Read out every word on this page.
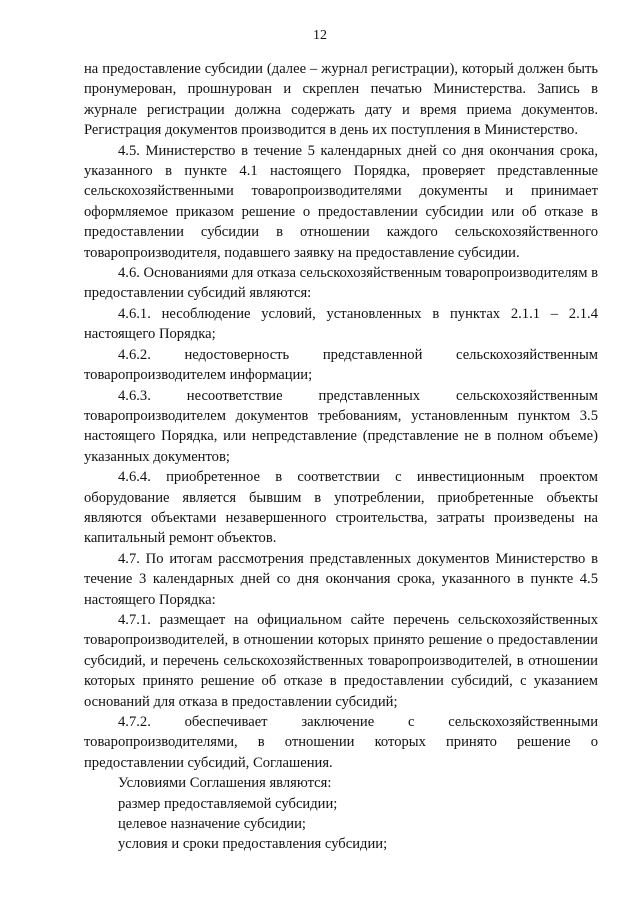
12

на предоставление субсидии (далее – журнал регистрации), который должен быть пронумерован, прошнурован и скреплен печатью Министерства. Запись в журнале регистрации должна содержать дату и время приема документов. Регистрация документов производится в день их поступления в Министерство.

4.5. Министерство в течение 5 календарных дней со дня окончания срока, указанного в пункте 4.1 настоящего Порядка, проверяет представленные сельскохозяйственными товаропроизводителями документы и принимает оформляемое приказом решение о предоставлении субсидии или об отказе в предоставлении субсидии в отношении каждого сельскохозяйственного товаропроизводителя, подавшего заявку на предоставление субсидии.

4.6. Основаниями для отказа сельскохозяйственным товаропроизводителям в предоставлении субсидий являются:

4.6.1. несоблюдение условий, установленных в пунктах 2.1.1 – 2.1.4 настоящего Порядка;

4.6.2. недостоверность представленной сельскохозяйственным товаропроизводителем информации;

4.6.3. несоответствие представленных сельскохозяйственным товаропроизводителем документов требованиям, установленным пунктом 3.5 настоящего Порядка, или непредставление (представление не в полном объеме) указанных документов;

4.6.4. приобретенное в соответствии с инвестиционным проектом оборудование является бывшим в употреблении, приобретенные объекты являются объектами незавершенного строительства, затраты произведены на капитальный ремонт объектов.

4.7. По итогам рассмотрения представленных документов Министерство в течение 3 календарных дней со дня окончания срока, указанного в пункте 4.5 настоящего Порядка:

4.7.1. размещает на официальном сайте перечень сельскохозяйственных товаропроизводителей, в отношении которых принято решение о предоставлении субсидий, и перечень сельскохозяйственных товаропроизводителей, в отношении которых принято решение об отказе в предоставлении субсидий, с указанием оснований для отказа в предоставлении субсидий;

4.7.2. обеспечивает заключение с сельскохозяйственными товаропроизводителями, в отношении которых принято решение о предоставлении субсидий, Соглашения.

Условиями Соглашения являются:

размер предоставляемой субсидии;

целевое назначение субсидии;

условия и сроки предоставления субсидии;
